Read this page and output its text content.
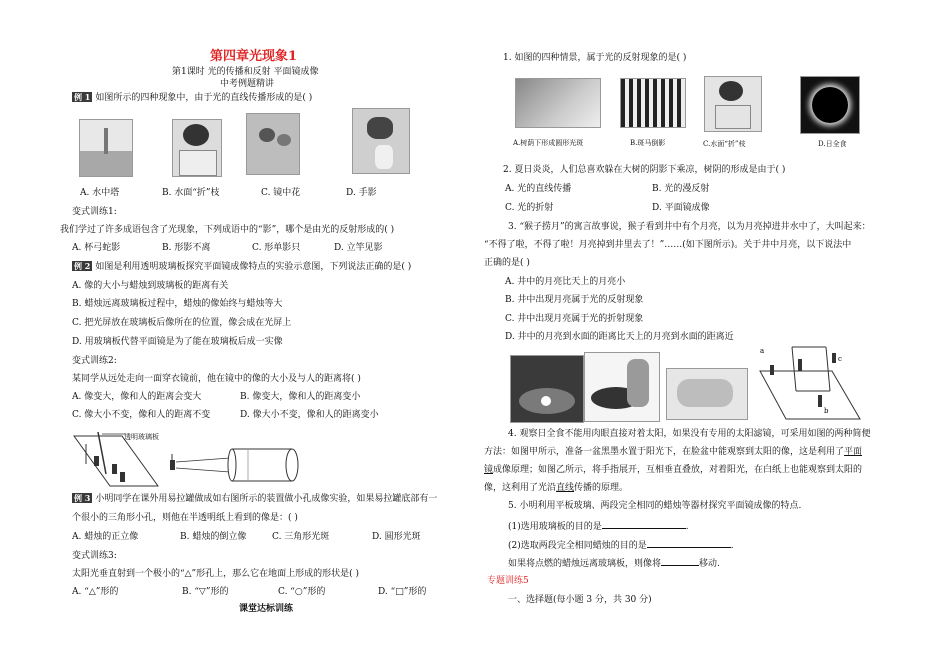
第四章光现象1
第1课时 光的传播和反射 平面镜成像
中考例题精讲
例 1 如图所示的四种现象中，由于光的直线传播形成的是( )
A. 水中塔	B. 水面“折”枝	C. 镜中花	D. 手影
变式训练1:
我们学过了许多成语包含了光现象，下列成语中的“影”，哪个是由光的反射形成的( )
A. 杯弓蛇影	B. 形影不离	C. 形单影只	D. 立竿见影
例 2 如图是利用透明玻璃板探究平面镜成像特点的实验示意图，下列说法正确的是( )
A. 像的大小与蜡烛到玻璃板的距离有关
B. 蜡烛远离玻璃板过程中，蜡烛的像始终与蜡烛等大
C. 把光屏放在玻璃板后像所在的位置，像会成在光屏上
D. 用玻璃板代替平面镜是为了能在玻璃板后成一实像
变式训练2:
某同学从远处走向一面穿衣镜前，他在镜中的像的大小及与人的距离将( )
A. 像变大，像和人的距离会变大	B. 像变大，像和人的距离变小
C. 像大小不变，像和人的距离不变	D. 像大小不变，像和人的距离变小
透明玻璃板
例 3 小明同学在课外用易拉罐做成如右图所示的装置做小孔成像实验，如果易拉罐底部有一
个很小的三角形小孔，则他在半透明纸上看到的像是：( )
A. 蜡烛的正立像	B. 蜡烛的倒立像	C. 三角形光斑	D. 圆形光斑
变式训练3:
太阳光垂直射到一个极小的“△”形孔上，那么它在地面上形成的形状是( )
A. “△”形的	B. “▽”形的	C. “○”形的	D. “□”形的
课堂达标训练
1. 如图的四种情景，属于光的反射现象的是( )
A.树荫下形成圆形光斑	B.斑马倒影	C.水面“折”枝	D.日全食
2. 夏日炎炎，人们总喜欢躲在大树的阴影下乘凉，树阴的形成是由于( )
A. 光的直线传播	B. 光的漫反射
C. 光的折射	D. 平面镜成像
3. “猴子捞月”的寓言故事说，猴子看到井中有个月亮，以为月亮掉进井水中了，大叫起来：
“不得了啦，不得了啦！月亮掉到井里去了！”……(如下图所示)。关于井中月亮，以下说法中
正确的是( )
A. 井中的月亮比天上的月亮小
B. 井中出现月亮属于光的反射现象
C. 井中出现月亮属于光的折射现象
D. 井中的月亮到水面的距离比天上的月亮到水面的距离近
a
c
b
4. 观察日全食不能用肉眼直接对着太阳，如果没有专用的太阳滤镜，可采用如图的两种简便
方法：如图甲所示，准备一盆黑墨水置于阳光下，在脸盆中能观察到太阳的像，这是利用了平面
镜成像原理；如图乙所示，将手指展开，互相垂直叠放，对着阳光，在白纸上也能观察到太阳的
像，这利用了光沿直线传播的原理。
5. 小明利用平板玻璃、两段完全相同的蜡烛等器材探究平面镜成像的特点.
(1)选用玻璃板的目的是	.
(2)选取两段完全相同蜡烛的目的是	.
如果将点燃的蜡烛远离玻璃板，则像将	移动.
专题训练5
一、选择题(每小题 3 分，共 30 分)
